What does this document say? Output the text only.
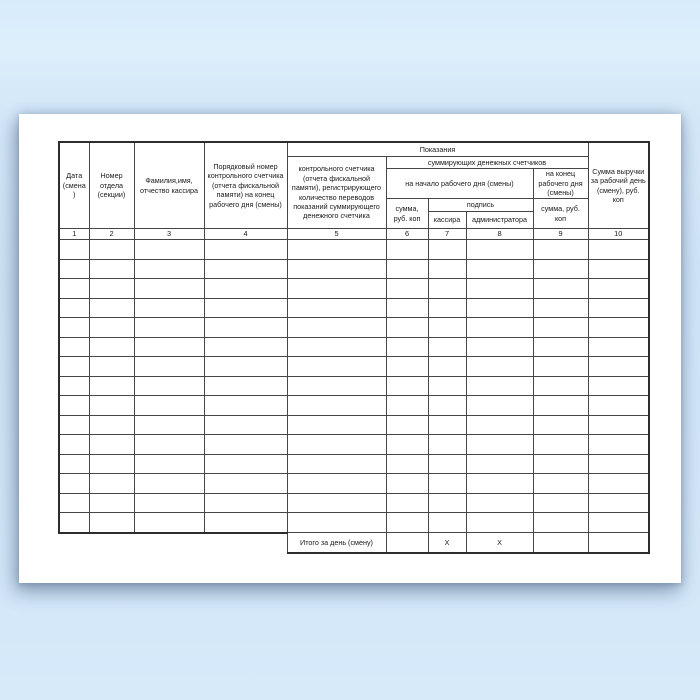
Дата (смена)	Номер отдела (секции)	Фамилия,имя, отчество кассира	Порядковый номер контрольного счетчика (отчета фискальной памяти) на конец рабочего дня (смены)	Показания					Сумма выручки за рабочий день (смену), руб. коп
				контрольного счетчика (отчета фискальной памяти), регистрирующего количество переводов показаний суммирующего денежного счетчика	суммирующих денежных счетчиков				
					на начало рабочего дня (смены)			на конец рабочего дня (смены)	
					сумма, руб. коп	подпись		сумма, руб. коп	
						кассира	администратора		
1	2	3	4	5	6	7	8	9	10

				Итого за день (смену)		Х	Х		
